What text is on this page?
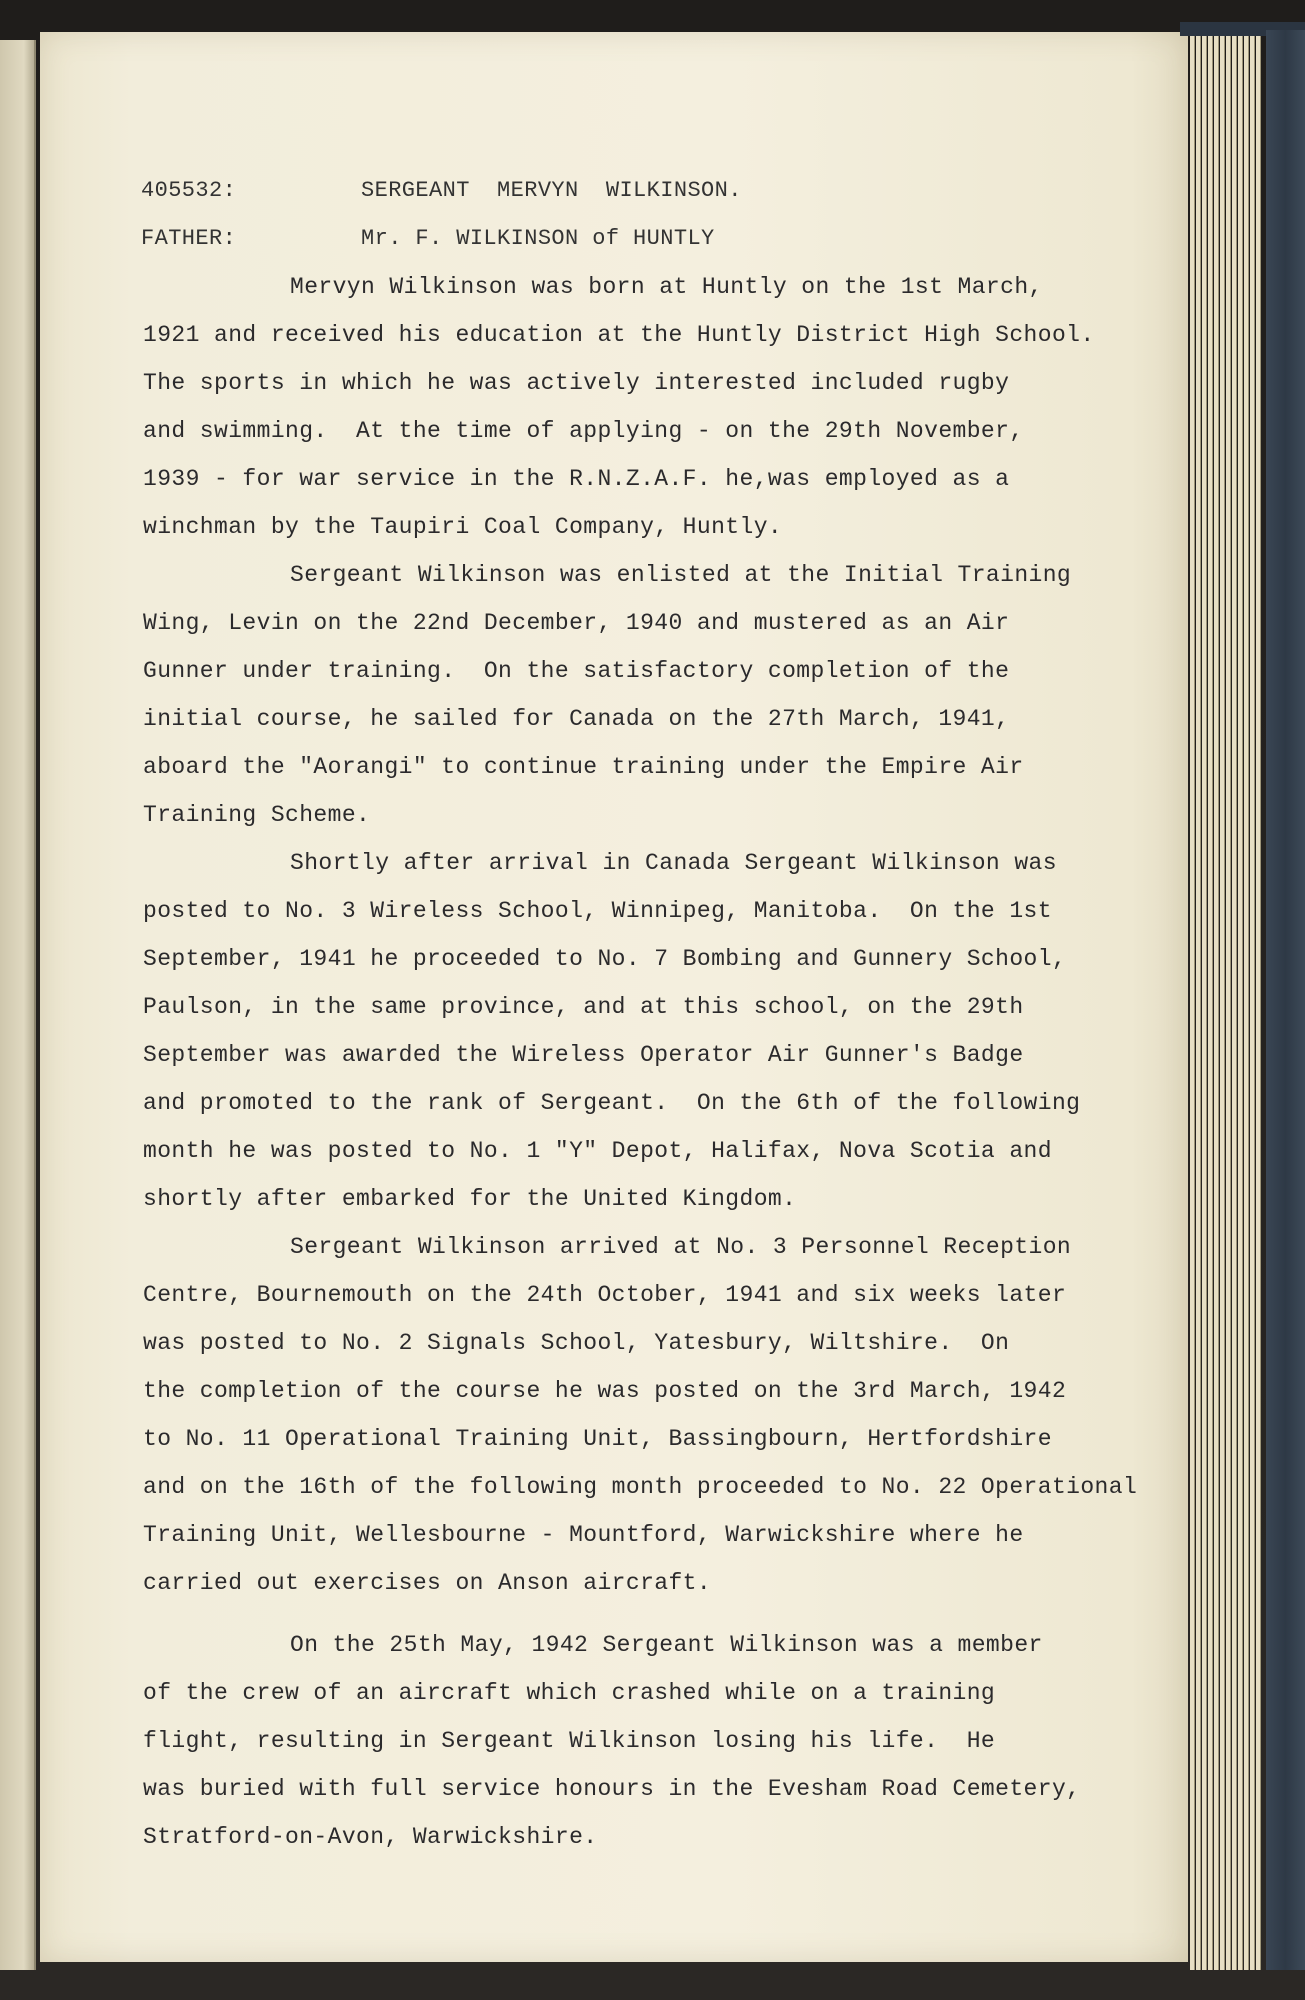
405532:	SERGEANT  MERVYN  WILKINSON.
FATHER:	Mr. F. WILKINSON of HUNTLY
Mervyn Wilkinson was born at Huntly on the 1st March,
1921 and received his education at the Huntly District High School.
The sports in which he was actively interested included rugby
and swimming.  At the time of applying - on the 29th November,
1939 - for war service in the R.N.Z.A.F. he,was employed as a
winchman by the Taupiri Coal Company, Huntly.
Sergeant Wilkinson was enlisted at the Initial Training
Wing, Levin on the 22nd December, 1940 and mustered as an Air
Gunner under training.  On the satisfactory completion of the
initial course, he sailed for Canada on the 27th March, 1941,
aboard the "Aorangi" to continue training under the Empire Air
Training Scheme.
Shortly after arrival in Canada Sergeant Wilkinson was
posted to No. 3 Wireless School, Winnipeg, Manitoba.  On the 1st
September, 1941 he proceeded to No. 7 Bombing and Gunnery School,
Paulson, in the same province, and at this school, on the 29th
September was awarded the Wireless Operator Air Gunner's Badge
and promoted to the rank of Sergeant.  On the 6th of the following
month he was posted to No. 1 "Y" Depot, Halifax, Nova Scotia and
shortly after embarked for the United Kingdom.
Sergeant Wilkinson arrived at No. 3 Personnel Reception
Centre, Bournemouth on the 24th October, 1941 and six weeks later
was posted to No. 2 Signals School, Yatesbury, Wiltshire.  On
the completion of the course he was posted on the 3rd March, 1942
to No. 11 Operational Training Unit, Bassingbourn, Hertfordshire
and on the 16th of the following month proceeded to No. 22 Operational
Training Unit, Wellesbourne - Mountford, Warwickshire where he
carried out exercises on Anson aircraft.
On the 25th May, 1942 Sergeant Wilkinson was a member
of the crew of an aircraft which crashed while on a training
flight, resulting in Sergeant Wilkinson losing his life.  He
was buried with full service honours in the Evesham Road Cemetery,
Stratford-on-Avon, Warwickshire.
